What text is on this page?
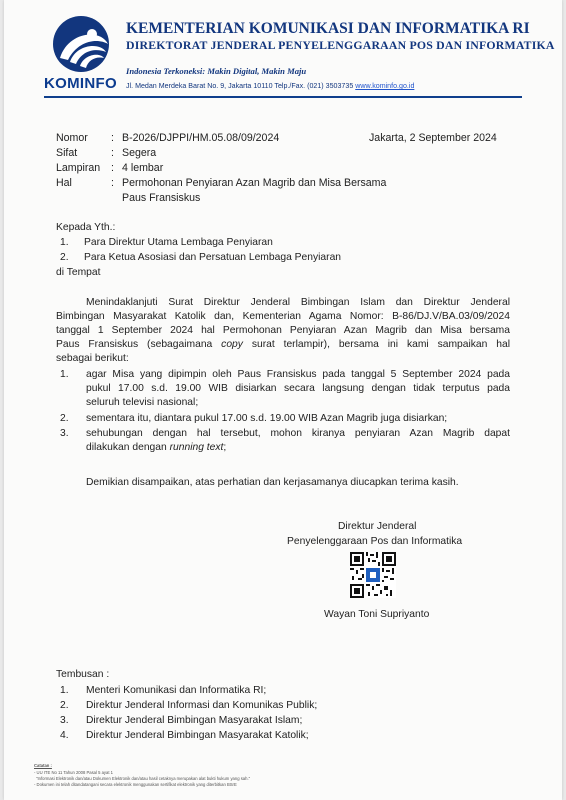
KOMINFO
KEMENTERIAN KOMUNIKASI DAN INFORMATIKA RI
DIREKTORAT JENDERAL PENYELENGGARAAN POS DAN INFORMATIKA
Indonesia Terkoneksi: Makin Digital, Makin Maju
Jl. Medan Merdeka Barat No. 9, Jakarta 10110 Telp./Fax. (021) 3503735 www.kominfo.go.id
Nomor : B-2026/DJPPI/HM.05.08/09/2024	Jakarta, 2 September 2024
Sifat	: Segera
Lampiran : 4 lembar
Hal	: Permohonan Penyiaran Azan Magrib dan Misa Bersama
Paus Fransiskus
Kepada Yth.:
1. Para Direktur Utama Lembaga Penyiaran
2. Para Ketua Asosiasi dan Persatuan Lembaga Penyiaran
di Tempat
Menindaklanjuti Surat Direktur Jenderal Bimbingan Islam dan Direktur Jenderal
Bimbingan Masyarakat Katolik dan, Kementerian Agama Nomor: B-86/DJ.V/BA.03/09/2024
tanggal 1 September 2024 hal Permohonan Penyiaran Azan Magrib dan Misa bersama
Paus Fransiskus (sebagaimana copy surat terlampir), bersama ini kami sampaikan hal
sebagai berikut:
1. agar Misa yang dipimpin oleh Paus Fransiskus pada tanggal 5 September 2024 pada
pukul 17.00 s.d. 19.00 WIB disiarkan secara langsung dengan tidak terputus pada
seluruh televisi nasional;
2. sementara itu, diantara pukul 17.00 s.d. 19.00 WIB Azan Magrib juga disiarkan;
3. sehubungan dengan hal tersebut, mohon kiranya penyiaran Azan Magrib dapat
dilakukan dengan running text;
Demikian disampaikan, atas perhatian dan kerjasamanya diucapkan terima kasih.
Direktur Jenderal
Penyelenggaraan Pos dan Informatika
Wayan Toni Supriyanto
Tembusan :
1. Menteri Komunikasi dan Informatika RI;
2. Direktur Jenderal Informasi dan Komunikas Publik;
3. Direktur Jenderal Bimbingan Masyarakat Islam;
4. Direktur Jenderal Bimbingan Masyarakat Katolik;
Catatan :
- UU ITE No 11 Tahun 2008 Pasal 5 ayat 1
"Informasi Elektronik dan/atau Dokumen Elektronik dan/atau hasil cetaknya merupakan alat bukti hukum yang sah."
- Dokumen ini telah ditandatangani secara elektronik menggunakan sertifikat elektronik yang diterbitkan BSrE
